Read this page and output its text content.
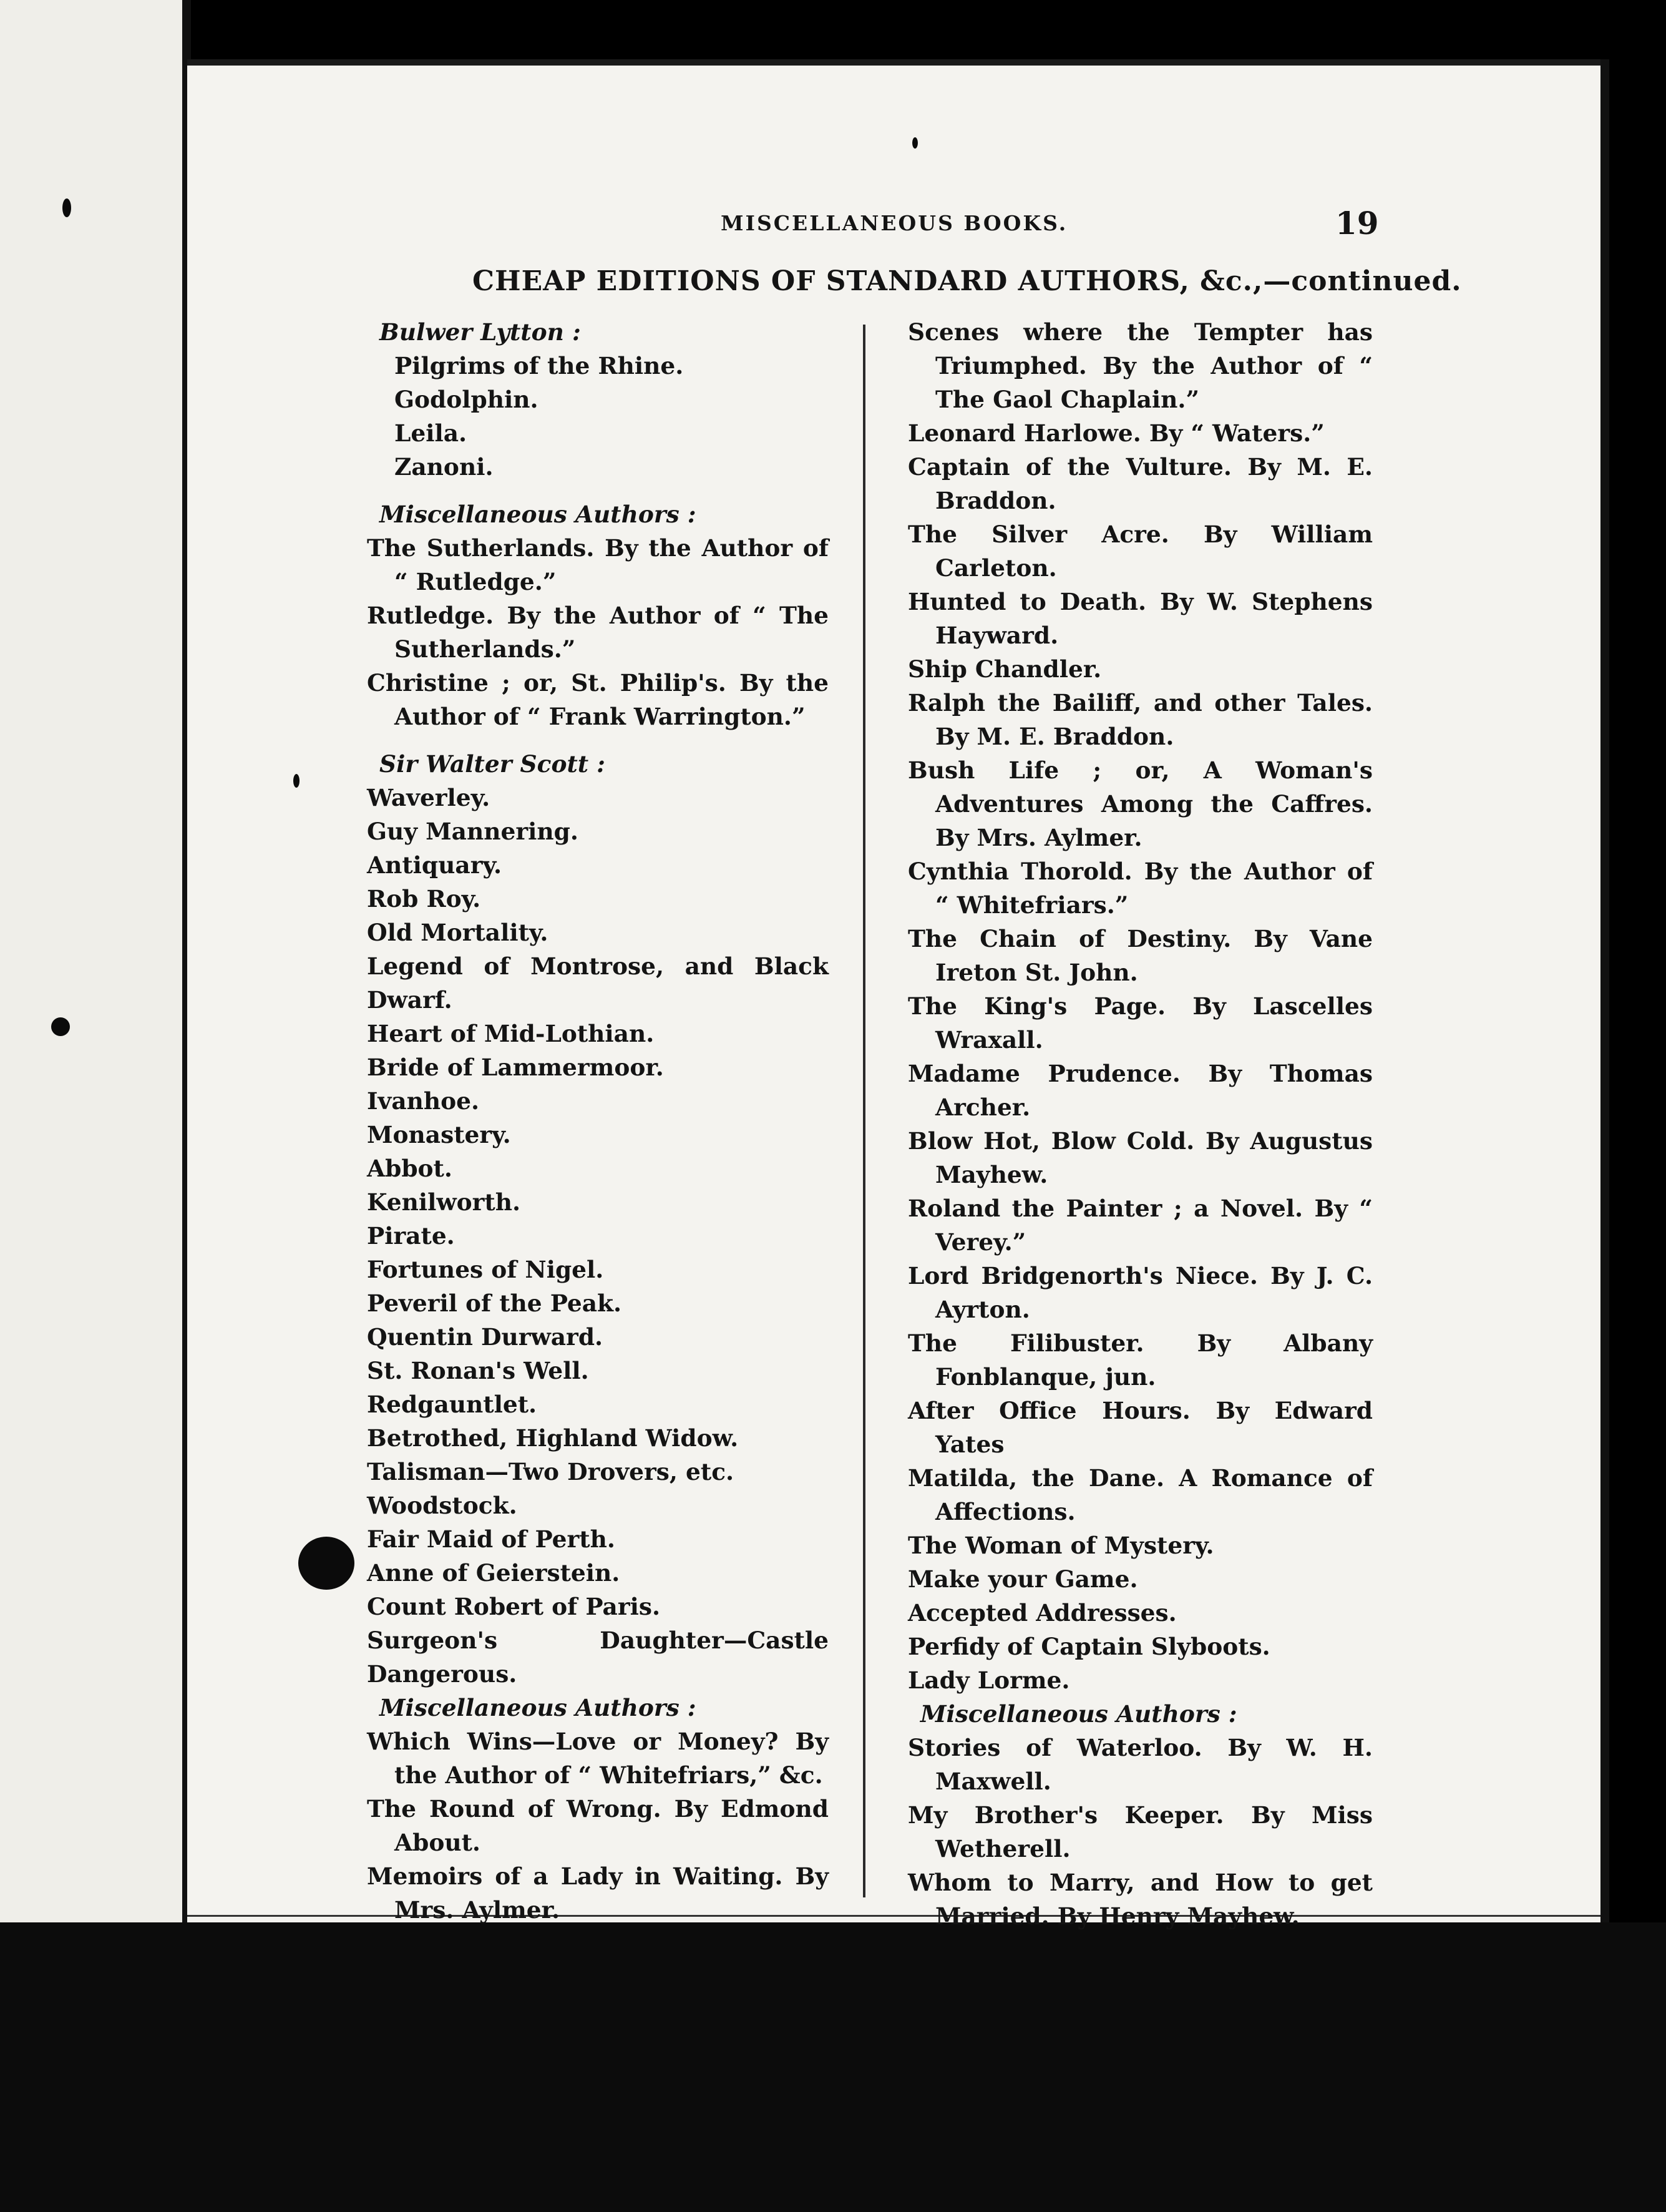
MISCELLANEOUS BOOKS.	19
CHEAP EDITIONS OF STANDARD AUTHORS, &c.,—continued.
Bulwer Lytton :
Pilgrims of the Rhine.
Godolphin.
Leila.
Zanoni.
Miscellaneous Authors :
The Sutherlands. By the Author of “ Rutledge.”
Rutledge. By the Author of “ The Sutherlands.”
Christine ; or, St. Philip's. By the Author of “ Frank Warrington.”
Sir Walter Scott :
Waverley.
Guy Mannering.
Antiquary.
Rob Roy.
Old Mortality.
Legend of Montrose, and Black Dwarf.
Heart of Mid-Lothian.
Bride of Lammermoor.
Ivanhoe.
Monastery.
Abbot.
Kenilworth.
Pirate.
Fortunes of Nigel.
Peveril of the Peak.
Quentin Durward.
St. Ronan's Well.
Redgauntlet.
Betrothed, Highland Widow.
Talisman—Two Drovers, etc.
Woodstock.
Fair Maid of Perth.
Anne of Geierstein.
Count Robert of Paris.
Surgeon's Daughter—Castle Dangerous.
Miscellaneous Authors :
Which Wins—Love or Money? By the Author of “ Whitefriars,” &c.
The Round of Wrong. By Edmond About.
Memoirs of a Lady in Waiting. By Mrs. Aylmer.
Scenes where the Tempter has Triumphed. By the Author of “ The Gaol Chaplain.”
Leonard Harlowe. By “ Waters.”
Captain of the Vulture. By M. E. Braddon.
The Silver Acre. By William Carleton.
Hunted to Death. By W. Stephens Hayward.
Ship Chandler.
Ralph the Bailiff, and other Tales. By M. E. Braddon.
Bush Life ; or, A Woman's Adventures Among the Caffres. By Mrs. Aylmer.
Cynthia Thorold. By the Author of “ Whitefriars.”
The Chain of Destiny. By Vane Ireton St. John.
The King's Page. By Lascelles Wraxall.
Madame Prudence. By Thomas Archer.
Blow Hot, Blow Cold. By Augustus Mayhew.
Roland the Painter ; a Novel. By “ Verey.”
Lord Bridgenorth's Niece. By J. C. Ayrton.
The Filibuster. By Albany Fonblanque, jun.
After Office Hours. By Edward Yates
Matilda, the Dane. A Romance of Affections.
The Woman of Mystery.
Make your Game.
Accepted Addresses.
Perfidy of Captain Slyboots.
Lady Lorme.
Miscellaneous Authors :
Stories of Waterloo. By W. H. Maxwell.
My Brother's Keeper. By Miss Wetherell.
Whom to Marry, and How to get Married. By Henry Mayhew.
